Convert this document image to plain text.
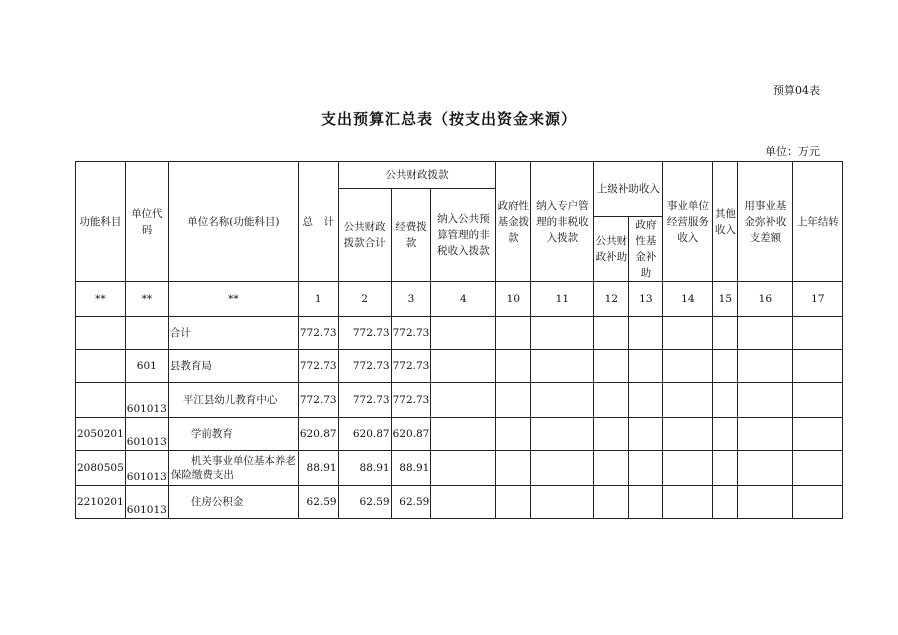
预算04表
支出预算汇总表（按支出资金来源）
单位：万元
功能科目	单位代码	单位名称(功能科目)	总　计	公共财政拨款			政府性基金拨款	纳入专户管理的非税收入拨款	上级补助收入		事业单位经营服务收入	其他收入	用事业基金弥补收支差额	上年结转
				公共财政拨款合计	经费拨款	纳入公共预算管理的非税收入拨款								
									公共财政补助	政府性基金补助				
**	**	**	1	2	3	4	10	11	12	13	14	15	16	17
		合计	772.73	772.73	772.73									
	601	县教育局	772.73	772.73	772.73									
	601013	平江县幼儿教育中心	772.73	772.73	772.73									
2050201	601013	学前教育	620.87	620.87	620.87									
2080505	601013	机关事业单位基本养老保险缴费支出	88.91	88.91	88.91									
2210201	601013	住房公积金	62.59	62.59	62.59									
